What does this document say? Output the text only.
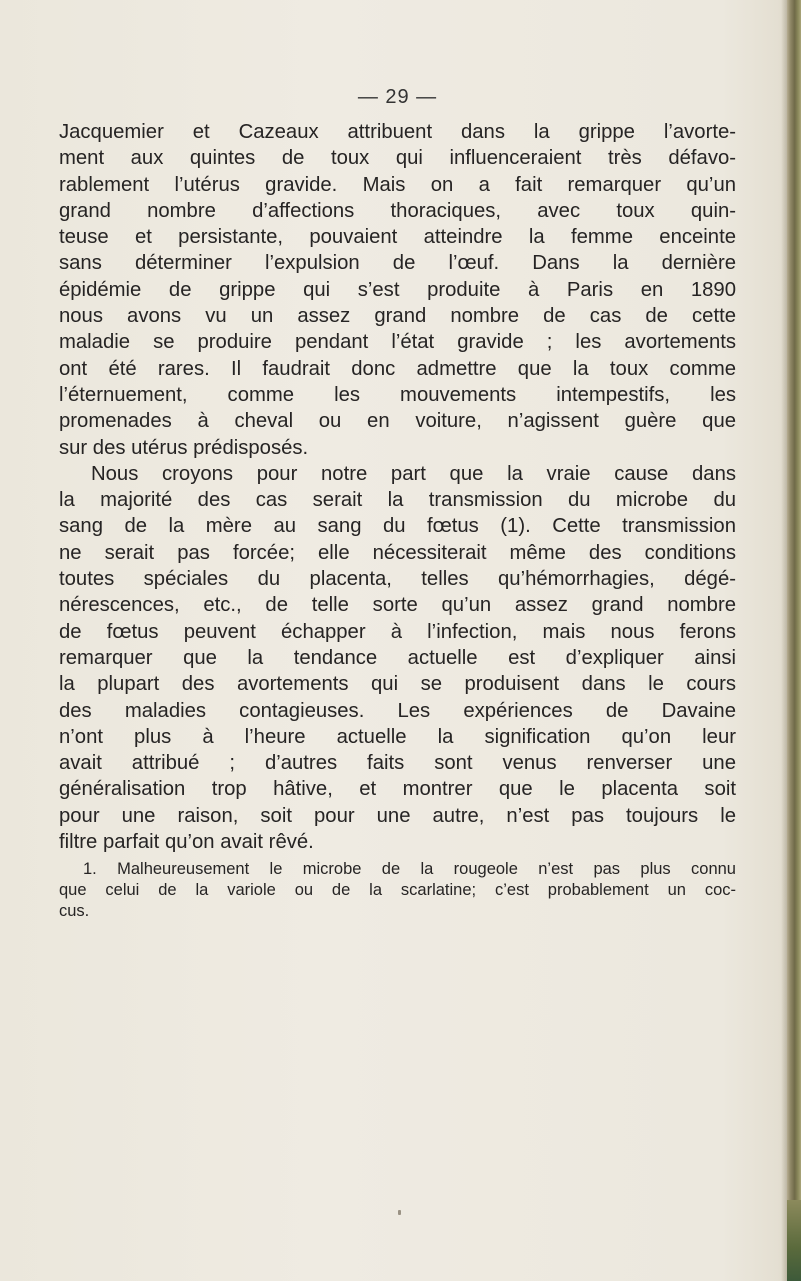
— 29 —
Jacquemier et Cazeaux attribuent dans la grippe l’avorte-
ment aux quintes de toux qui influenceraient très défavo-
rablement l’utérus gravide. Mais on a fait remarquer qu’un
grand nombre d’affections thoraciques, avec toux quin-
teuse et persistante, pouvaient atteindre la femme enceinte
sans déterminer l’expulsion de l’œuf. Dans la dernière
épidémie de grippe qui s’est produite à Paris en 1890
nous avons vu un assez grand nombre de cas de cette
maladie se produire pendant l’état gravide ; les avortements
ont été rares. Il faudrait donc admettre que la toux comme
l’éternuement, comme les mouvements intempestifs, les
promenades à cheval ou en voiture, n’agissent guère que
sur des utérus prédisposés.
Nous croyons pour notre part que la vraie cause dans
la majorité des cas serait la transmission du microbe du
sang de la mère au sang du fœtus (1). Cette transmission
ne serait pas forcée; elle nécessiterait même des conditions
toutes spéciales du placenta, telles qu’hémorrhagies, dégé-
nérescences, etc., de telle sorte qu’un assez grand nombre
de fœtus peuvent échapper à l’infection, mais nous ferons
remarquer que la tendance actuelle est d’expliquer ainsi
la plupart des avortements qui se produisent dans le cours
des maladies contagieuses. Les expériences de Davaine
n’ont plus à l’heure actuelle la signification qu’on leur
avait attribué ; d’autres faits sont venus renverser une
généralisation trop hâtive, et montrer que le placenta soit
pour une raison, soit pour une autre, n’est pas toujours le
filtre parfait qu’on avait rêvé.
1. Malheureusement le microbe de la rougeole n’est pas plus connu
que celui de la variole ou de la scarlatine; c’est probablement un coc-
cus.
